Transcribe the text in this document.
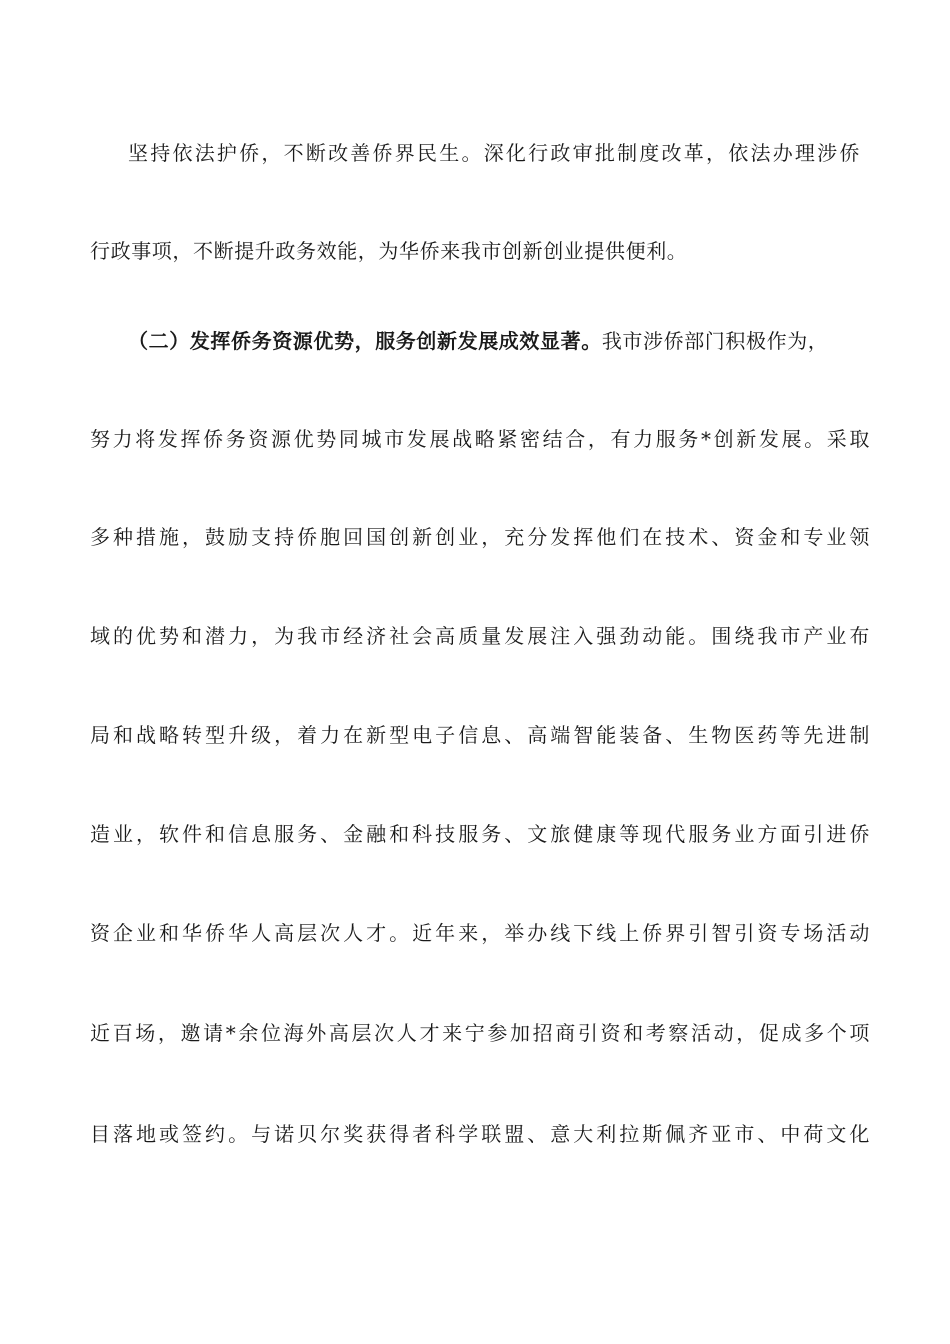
坚持依法护侨，不断改善侨界民生。深化行政审批制度改革，依法办理涉侨
行政事项，不断提升政务效能，为华侨来我市创新创业提供便利。
（二）发挥侨务资源优势，服务创新发展成效显著。我市涉侨部门积极作为，
努力将发挥侨务资源优势同城市发展战略紧密结合，有力服务*创新发展。采取
多种措施，鼓励支持侨胞回国创新创业，充分发挥他们在技术、资金和专业领
域的优势和潜力，为我市经济社会高质量发展注入强劲动能。围绕我市产业布
局和战略转型升级，着力在新型电子信息、高端智能装备、生物医药等先进制
造业，软件和信息服务、金融和科技服务、文旅健康等现代服务业方面引进侨
资企业和华侨华人高层次人才。近年来，举办线下线上侨界引智引资专场活动
近百场，邀请*余位海外高层次人才来宁参加招商引资和考察活动，促成多个项
目落地或签约。与诺贝尔奖获得者科学联盟、意大利拉斯佩齐亚市、中荷文化
